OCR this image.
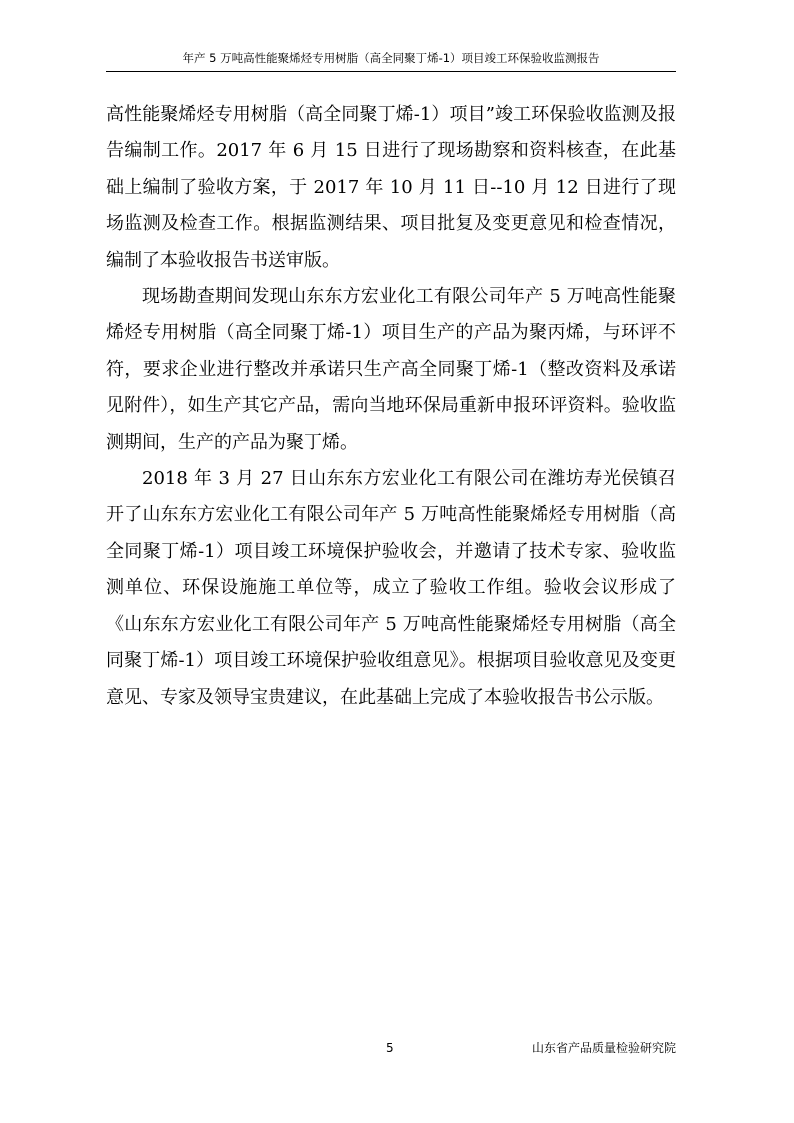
年产 5 万吨高性能聚烯烃专用树脂（高全同聚丁烯-1）项目竣工环保验收监测报告

高性能聚烯烃专用树脂（高全同聚丁烯-1）项目”竣工环保验收监测及报告编制工作。2017 年 6 月 15 日进行了现场勘察和资料核查，在此基础上编制了验收方案，于 2017 年 10 月 11 日--10 月 12 日进行了现场监测及检查工作。根据监测结果、项目批复及变更意见和检查情况，编制了本验收报告书送审版。

现场勘查期间发现山东东方宏业化工有限公司年产 5 万吨高性能聚烯烃专用树脂（高全同聚丁烯-1）项目生产的产品为聚丙烯，与环评不符，要求企业进行整改并承诺只生产高全同聚丁烯-1（整改资料及承诺见附件），如生产其它产品，需向当地环保局重新申报环评资料。验收监测期间，生产的产品为聚丁烯。

2018 年 3 月 27 日山东东方宏业化工有限公司在潍坊寿光侯镇召开了山东东方宏业化工有限公司年产 5 万吨高性能聚烯烃专用树脂（高全同聚丁烯-1）项目竣工环境保护验收会，并邀请了技术专家、验收监测单位、环保设施施工单位等，成立了验收工作组。验收会议形成了《山东东方宏业化工有限公司年产 5 万吨高性能聚烯烃专用树脂（高全同聚丁烯-1）项目竣工环境保护验收组意见》。根据项目验收意见及变更意见、专家及领导宝贵建议，在此基础上完成了本验收报告书公示版。

5	山东省产品质量检验研究院
